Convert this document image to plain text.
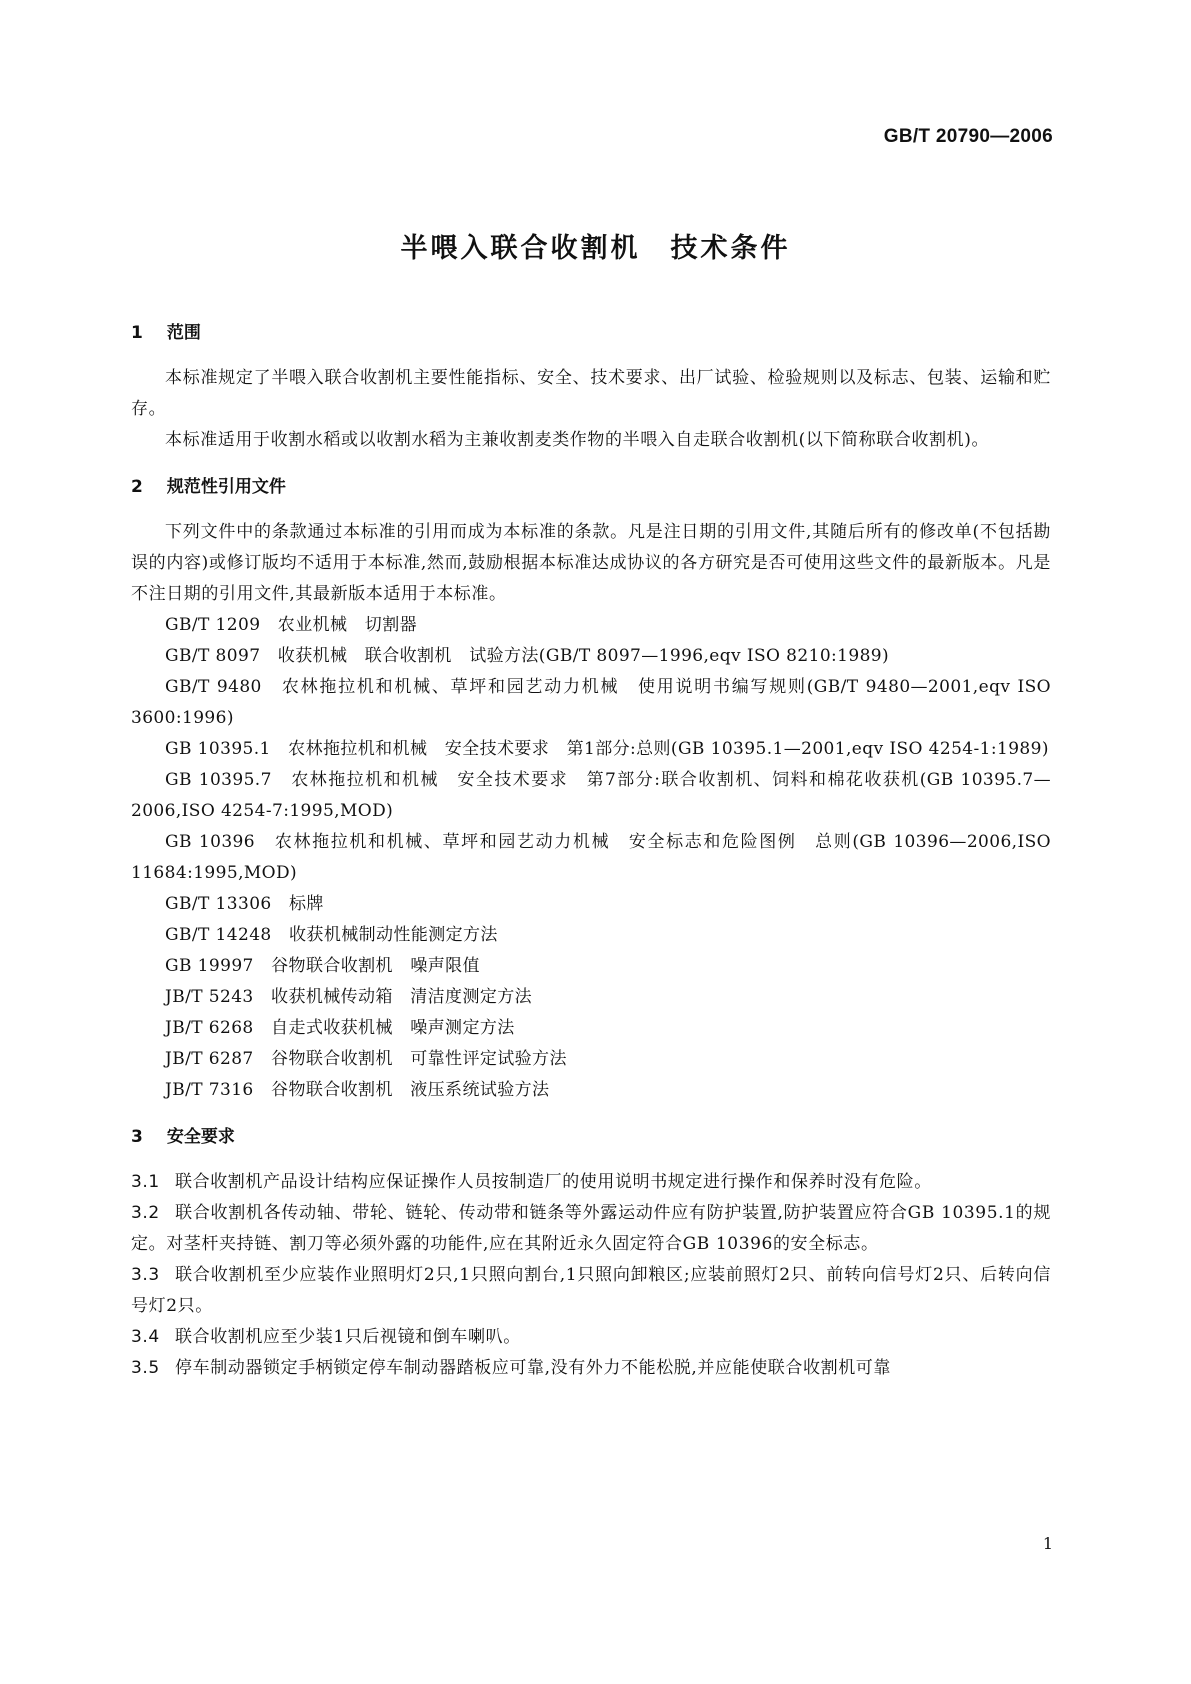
GB/T 20790—2006
半喂入联合收割机　技术条件
1 范围

本标准规定了半喂入联合收割机主要性能指标、安全、技术要求、出厂试验、检验规则以及标志、包装、运输和贮存。

本标准适用于收割水稻或以收割水稻为主兼收割麦类作物的半喂入自走联合收割机(以下简称联合收割机)。

2 规范性引用文件

下列文件中的条款通过本标准的引用而成为本标准的条款。凡是注日期的引用文件,其随后所有的修改单(不包括勘误的内容)或修订版均不适用于本标准,然而,鼓励根据本标准达成协议的各方研究是否可使用这些文件的最新版本。凡是不注日期的引用文件,其最新版本适用于本标准。

GB/T 1209　农业机械　切割器

GB/T 8097　收获机械　联合收割机　试验方法(GB/T 8097—1996,eqv ISO 8210:1989)

GB/T 9480　农林拖拉机和机械、草坪和园艺动力机械　使用说明书编写规则(GB/T 9480—2001,eqv ISO 3600:1996)

GB 10395.1　农林拖拉机和机械　安全技术要求　第1部分:总则(GB 10395.1—2001,eqv ISO 4254-1:1989)

GB 10395.7　农林拖拉机和机械　安全技术要求　第7部分:联合收割机、饲料和棉花收获机(GB 10395.7—2006,ISO 4254-7:1995,MOD)

GB 10396　农林拖拉机和机械、草坪和园艺动力机械　安全标志和危险图例　总则(GB 10396—2006,ISO 11684:1995,MOD)

GB/T 13306　标牌

GB/T 14248　收获机械制动性能测定方法

GB 19997　谷物联合收割机　噪声限值

JB/T 5243　收获机械传动箱　清洁度测定方法

JB/T 6268　自走式收获机械　噪声测定方法

JB/T 6287　谷物联合收割机　可靠性评定试验方法

JB/T 7316　谷物联合收割机　液压系统试验方法

3 安全要求

3.1 联合收割机产品设计结构应保证操作人员按制造厂的使用说明书规定进行操作和保养时没有危险。

3.2 联合收割机各传动轴、带轮、链轮、传动带和链条等外露运动件应有防护装置,防护装置应符合GB 10395.1的规定。对茎杆夹持链、割刀等必须外露的功能件,应在其附近永久固定符合GB 10396的安全标志。

3.3 联合收割机至少应装作业照明灯2只,1只照向割台,1只照向卸粮区;应装前照灯2只、前转向信号灯2只、后转向信号灯2只。

3.4 联合收割机应至少装1只后视镜和倒车喇叭。

3.5 停车制动器锁定手柄锁定停车制动器踏板应可靠,没有外力不能松脱,并应能使联合收割机可靠

1
